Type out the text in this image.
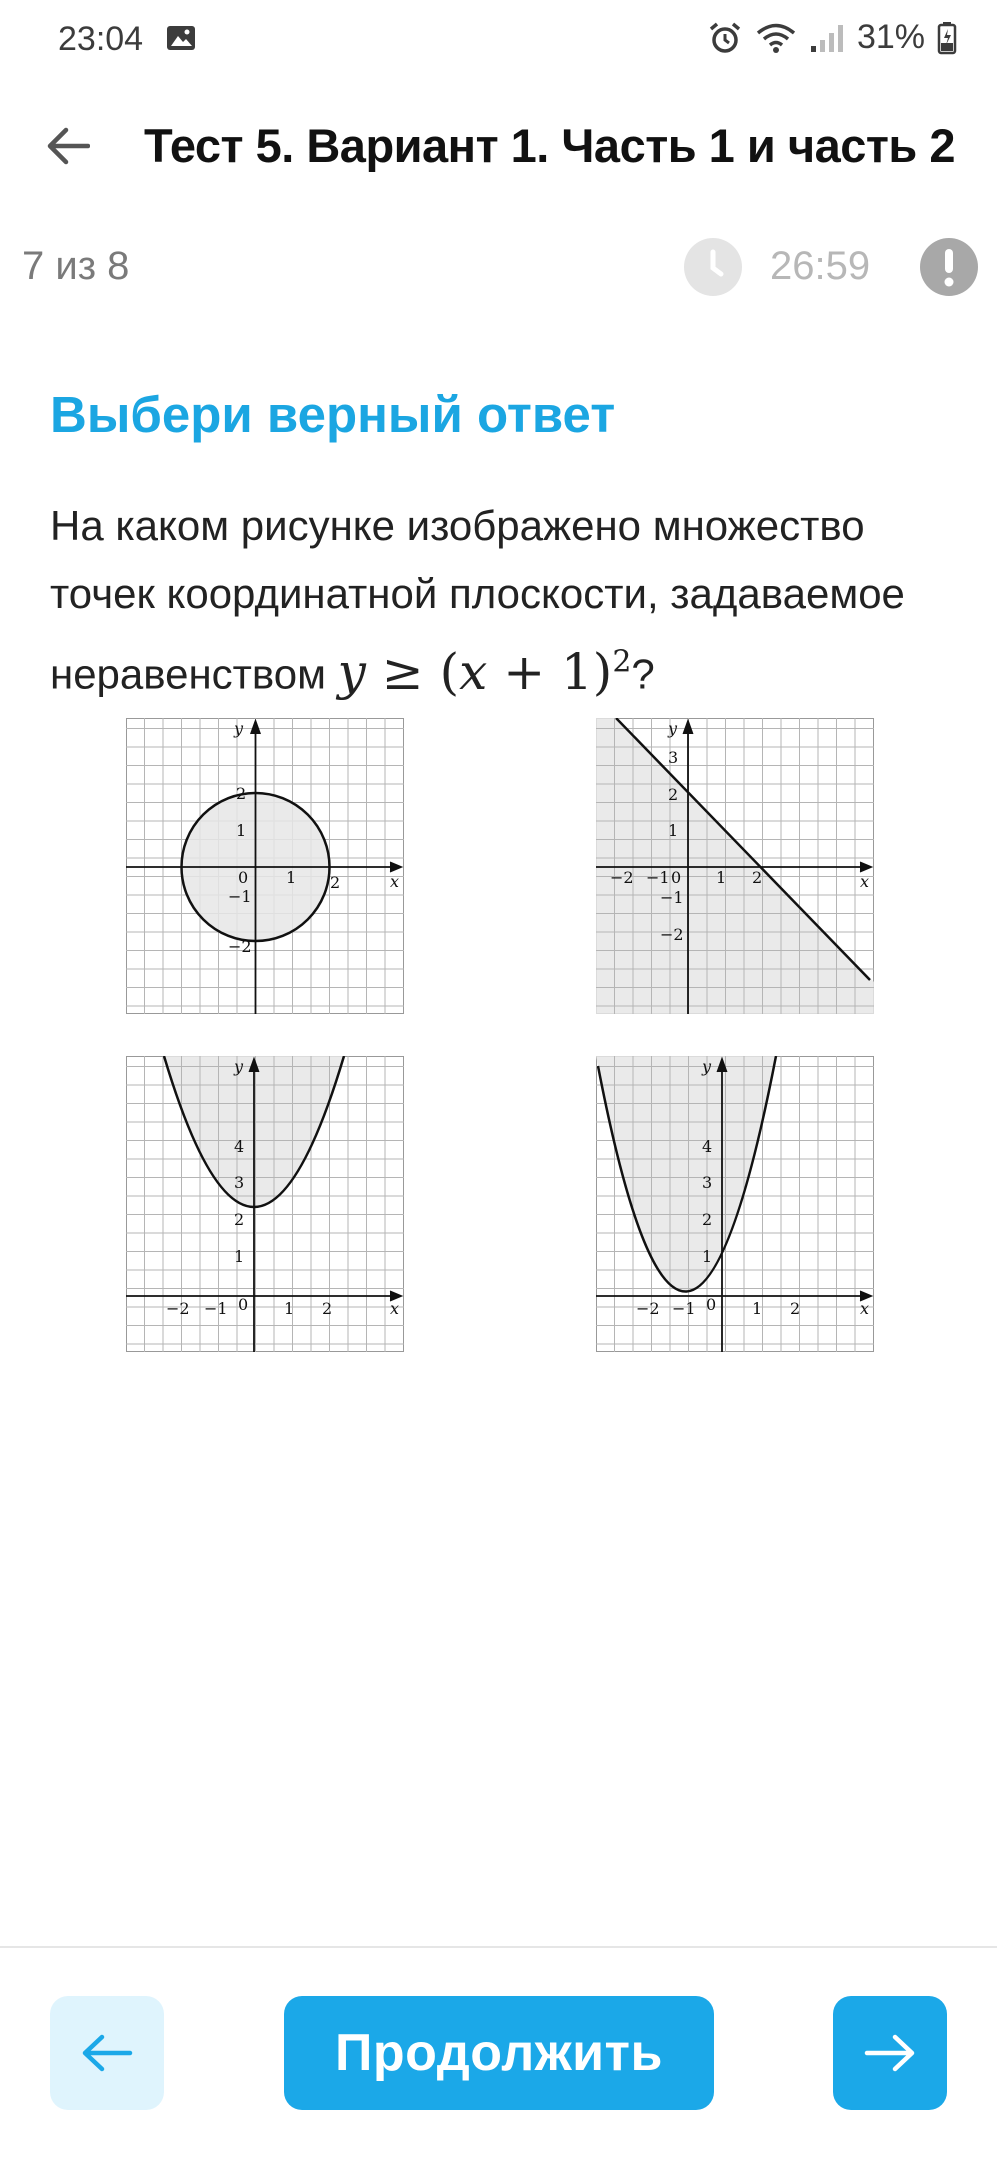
23:04	31%
Тест 5. Вариант 1. Часть 1 и часть 2
7 из 8	26:59
Выбери верный ответ
На каком рисунке изображено множество
точек координатной плоскости, задаваемое
неравенством $y \ge (x + 1)^2$?
x
y
2
1
0 1 2
−1
−2
x
y
3
2
1
−2 −1 0 1 2
−1
−2
x
y
4
3
2
1
−2 −1 0 1 2	x
y
4
3
2
1
−2 −1 0 1 2
Продолжить
